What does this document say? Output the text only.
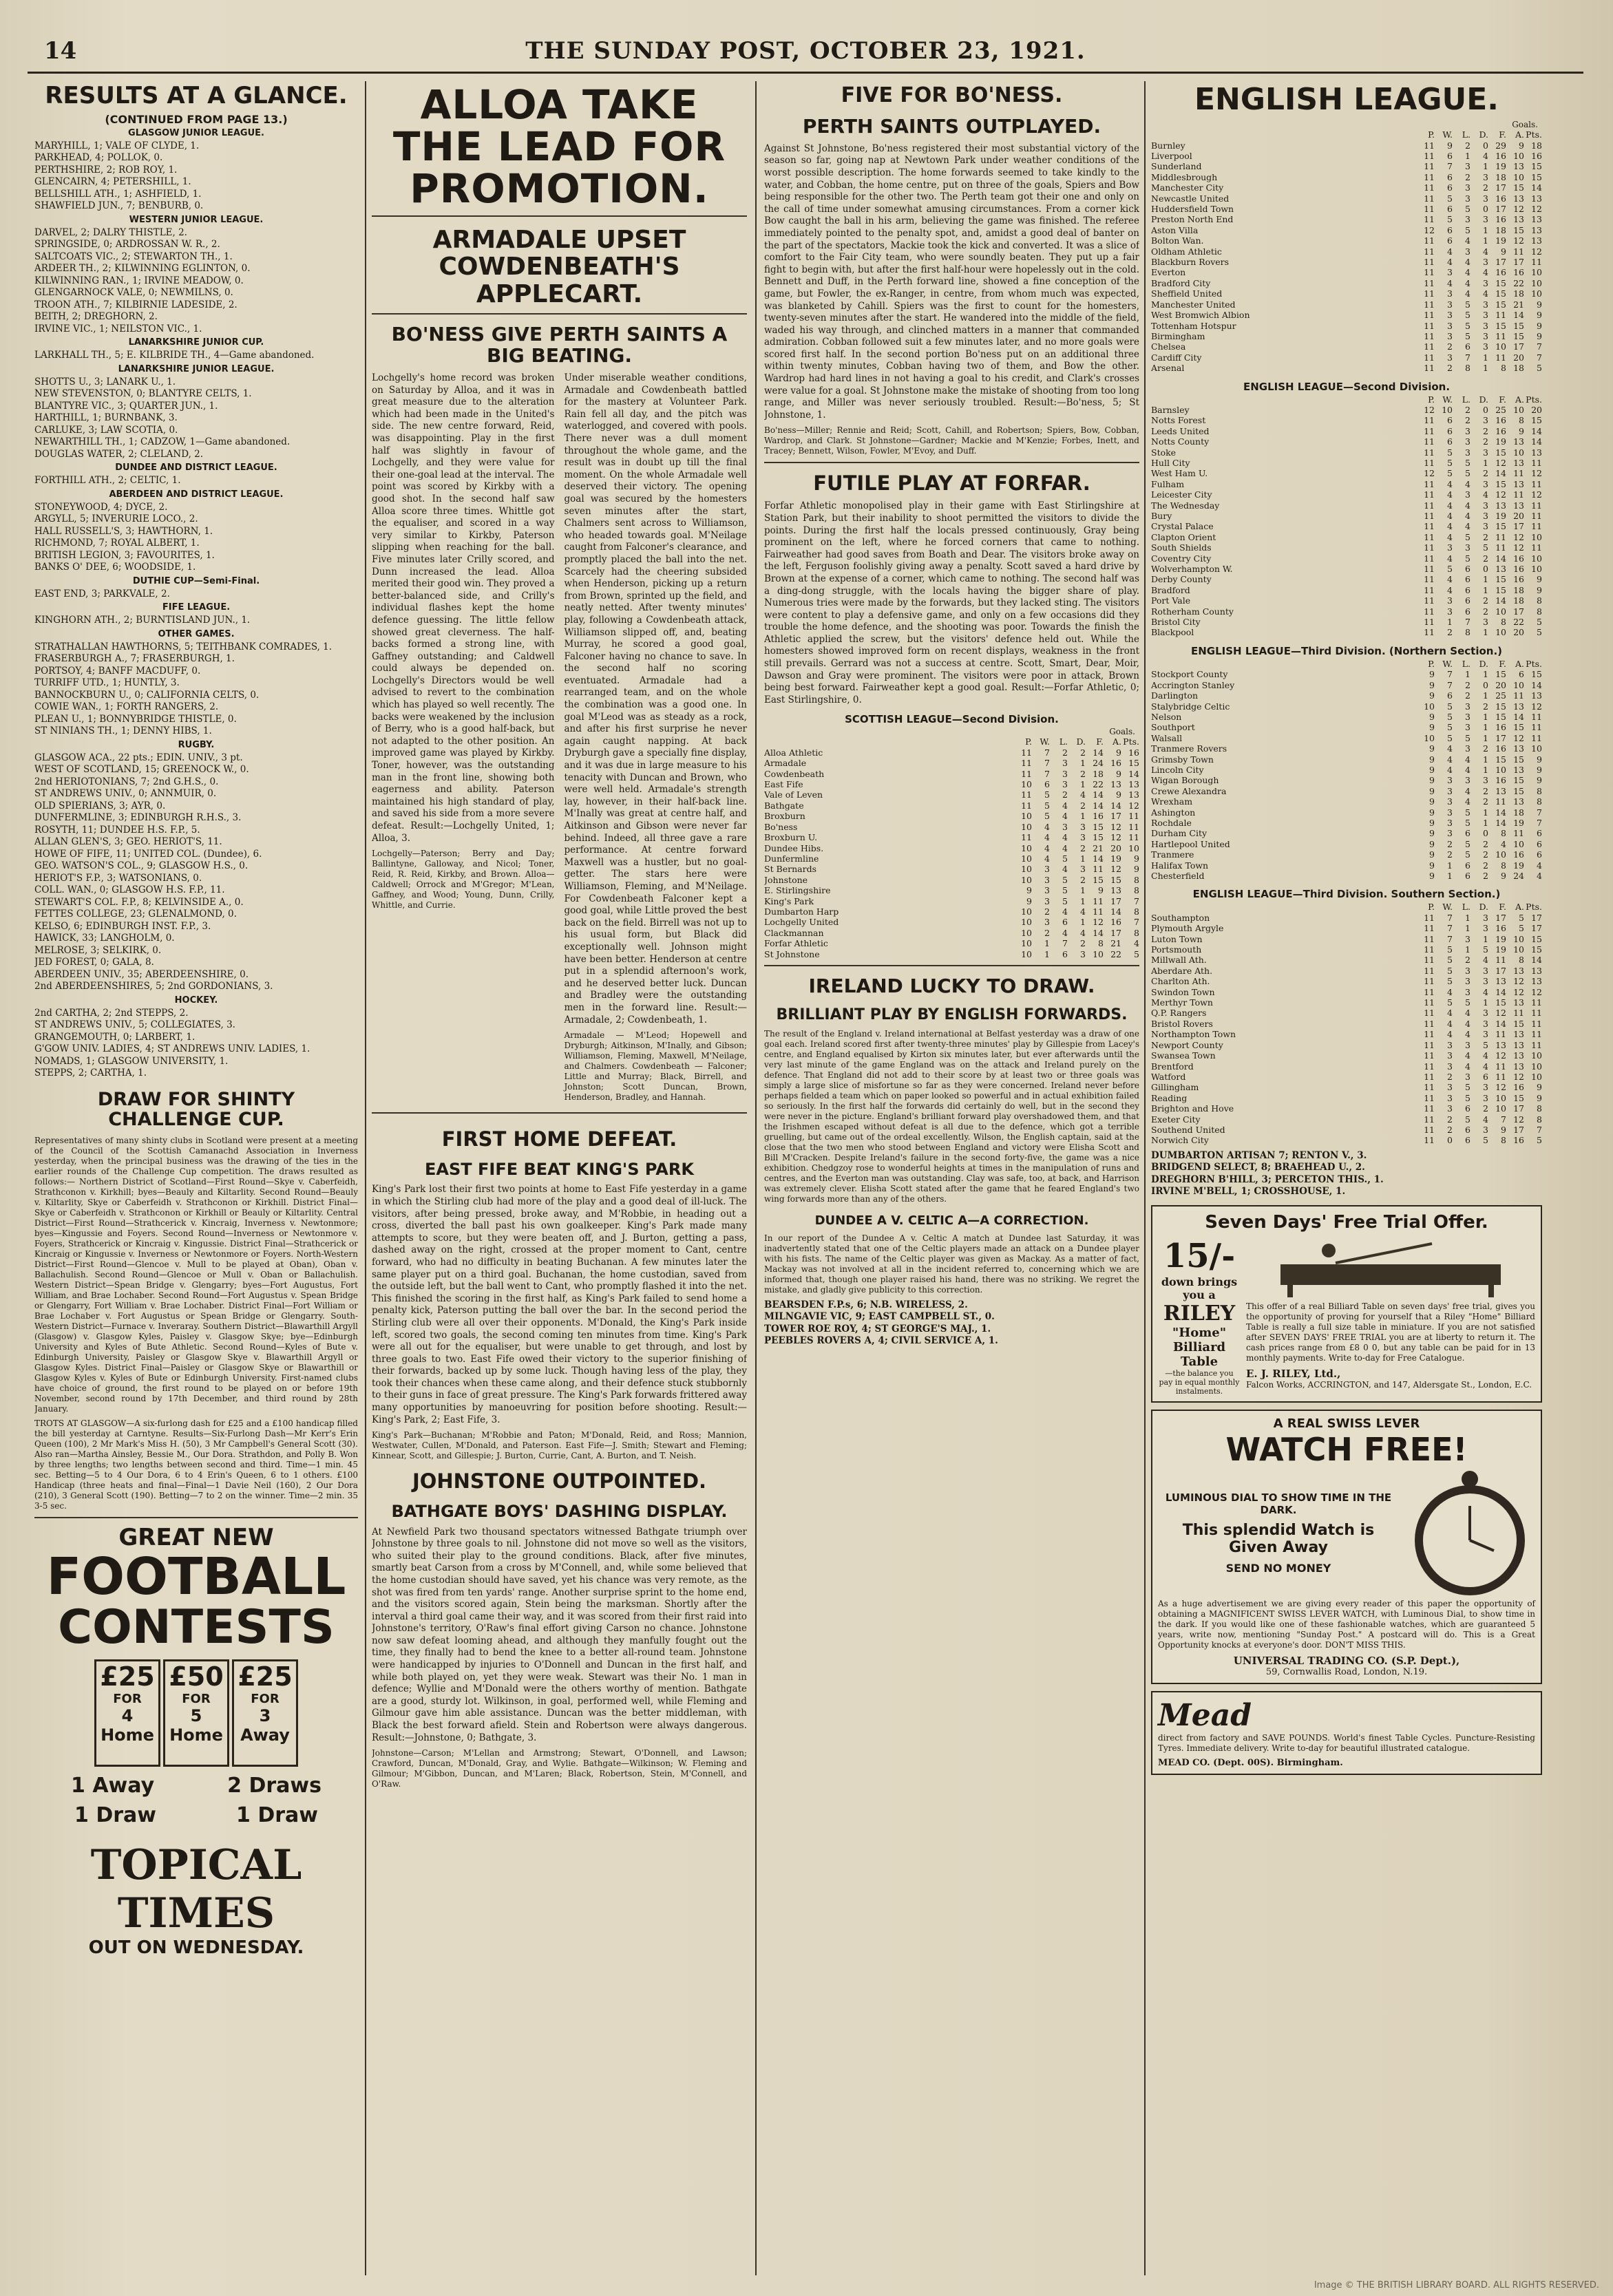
14	THE SUNDAY POST, OCTOBER 23, 1921.
RESULTS AT A GLANCE.
(CONTINUED FROM PAGE 13.)
GLASGOW JUNIOR LEAGUE.
MARYHILL, 1; VALE OF CLYDE, 1.
PARKHEAD, 4; POLLOK, 0.
PERTHSHIRE, 2; ROB ROY, 1.
GLENCAIRN, 4; PETERSHILL, 1.
BELLSHILL ATH., 1; ASHFIELD, 1.
SHAWFIELD JUN., 7; BENBURB, 0.
WESTERN JUNIOR LEAGUE.
DARVEL, 2; DALRY THISTLE, 2.
SPRINGSIDE, 0; ARDROSSAN W. R., 2.
SALTCOATS VIC., 2; STEWARTON TH., 1.
ARDEER TH., 2; KILWINNING EGLINTON, 0.
KILWINNING RAN., 1; IRVINE MEADOW, 0.
GLENGARNOCK VALE, 0; NEWMILNS, 0.
TROON ATH., 7; KILBIRNIE LADESIDE, 2.
BEITH, 2; DREGHORN, 2.
IRVINE VIC., 1; NEILSTON VIC., 1.
LANARKSHIRE JUNIOR CUP.
LARKHALL TH., 5; E. KILBRIDE TH., 4—Game abandoned.
LANARKSHIRE JUNIOR LEAGUE.
SHOTTS U., 3; LANARK U., 1.
NEW STEVENSTON, 0; BLANTYRE CELTS, 1.
BLANTYRE VIC., 3; QUARTER JUN., 1.
HARTHILL, 1; BURNBANK, 3.
CARLUKE, 3; LAW SCOTIA, 0.
NEWARTHILL TH., 1; CADZOW, 1—Game abandoned.
DOUGLAS WATER, 2; CLELAND, 2.
DUNDEE AND DISTRICT LEAGUE.
FORTHILL ATH., 2; CELTIC, 1.
ABERDEEN AND DISTRICT LEAGUE.
STONEYWOOD, 4; DYCE, 2.
ARGYLL, 5; INVERURIE LOCO., 2.
HALL RUSSELL'S, 3; HAWTHORN, 1.
RICHMOND, 7; ROYAL ALBERT, 1.
BRITISH LEGION, 3; FAVOURITES, 1.
BANKS O' DEE, 6; WOODSIDE, 1.
DUTHIE CUP—Semi-Final.
EAST END, 3; PARKVALE, 2.
FIFE LEAGUE.
KINGHORN ATH., 2; BURNTISLAND JUN., 1.
OTHER GAMES.
STRATHALLAN HAWTHORNS, 5; TEITHBANK COMRADES, 1.
FRASERBURGH A., 7; FRASERBURGH, 1.
PORTSOY, 4; BANFF MACDUFF, 0.
TURRIFF UTD., 1; HUNTLY, 3.
BANNOCKBURN U., 0; CALIFORNIA CELTS, 0.
COWIE WAN., 1; FORTH RANGERS, 2.
PLEAN U., 1; BONNYBRIDGE THISTLE, 0.
ST NINIANS TH., 1; DENNY HIBS, 1.
RUGBY.
GLASGOW ACA., 22 pts.; EDIN. UNIV., 3 pt.
WEST OF SCOTLAND, 15; GREENOCK W., 0.
2nd HERIOTONIANS, 7; 2nd G.H.S., 0.
ST ANDREWS UNIV., 0; ANNMUIR, 0.
OLD SPIERIANS, 3; AYR, 0.
DUNFERMLINE, 3; EDINBURGH R.H.S., 3.
ROSYTH, 11; DUNDEE H.S. F.P., 5.
ALLAN GLEN'S, 3; GEO. HERIOT'S, 11.
HOWE OF FIFE, 11; UNITED COL. (Dundee), 6.
GEO. WATSON'S COL., 9; GLASGOW H.S., 0.
HERIOT'S F.P., 3; WATSONIANS, 0.
COLL. WAN., 0; GLASGOW H.S. F.P., 11.
STEWART'S COL. F.P., 8; KELVINSIDE A., 0.
FETTES COLLEGE, 23; GLENALMOND, 0.
KELSO, 6; EDINBURGH INST. F.P., 3.
HAWICK, 33; LANGHOLM, 0.
MELROSE, 3; SELKIRK, 0.
JED FOREST, 0; GALA, 8.
ABERDEEN UNIV., 35; ABERDEENSHIRE, 0.
2nd ABERDEENSHIRES, 5; 2nd GORDONIANS, 3.
HOCKEY.
2nd CARTHA, 2; 2nd STEPPS, 2.
ST ANDREWS UNIV., 5; COLLEGIATES, 3.
GRANGEMOUTH, 0; LARBERT, 1.
G'GOW UNIV. LADIES, 4; ST ANDREWS UNIV. LADIES, 1.
NOMADS, 1; GLASGOW UNIVERSITY, 1.
STEPPS, 2; CARTHA, 1.
DRAW FOR SHINTY CHALLENGE CUP.

Representatives of many shinty clubs in Scotland were present at a meeting of the Council of the Scottish Camanachd Association in Inverness yesterday, when the principal business was the drawing of the ties in the earlier rounds of the Challenge Cup competition. The draws resulted as follows:— Northern District of Scotland—First Round—Skye v. Caberfeidh, Strathconon v. Kirkhill; byes—Beauly and Kiltarlity. Second Round—Beauly v. Kiltarlity, Skye or Caberfeidh v. Strathconon or Kirkhill. District Final—Skye or Caberfeidh v. Strathconon or Kirkhill or Beauly or Kiltarlity. Central District—First Round—Strathcerick v. Kincraig, Inverness v. Newtonmore; byes—Kingussie and Foyers. Second Round—Inverness or Newtonmore v. Foyers, Strathcerick or Kincraig v. Kingussie. District Final—Strathcerick or Kincraig or Kingussie v. Inverness or Newtonmore or Foyers. North-Western District—First Round—Glencoe v. Mull to be played at Oban), Oban v. Ballachulish. Second Round—Glencoe or Mull v. Oban or Ballachulish. Western District—Spean Bridge v. Glengarry; byes—Fort Augustus, Fort William, and Brae Lochaber. Second Round—Fort Augustus v. Spean Bridge or Glengarry, Fort William v. Brae Lochaber. District Final—Fort William or Brae Lochaber v. Fort Augustus or Spean Bridge or Glengarry. South-Western District—Furnace v. Inveraray. Southern District—Blawarthill Argyll (Glasgow) v. Glasgow Kyles, Paisley v. Glasgow Skye; bye—Edinburgh University and Kyles of Bute Athletic. Second Round—Kyles of Bute v. Edinburgh University, Paisley or Glasgow Skye v. Blawarthill Argyll or Glasgow Kyles. District Final—Paisley or Glasgow Skye or Blawarthill or Glasgow Kyles v. Kyles of Bute or Edinburgh University. First-named clubs have choice of ground, the first round to be played on or before 19th November, second round by 17th December, and third round by 28th January.

TROTS AT GLASGOW—A six-furlong dash for £25 and a £100 handicap filled the bill yesterday at Carntyne. Results—Six-Furlong Dash—Mr Kerr's Erin Queen (100), 2 Mr Mark's Miss H. (50), 3 Mr Campbell's General Scott (30). Also ran—Martha Ainsley, Bessie M., Our Dora. Strathdon, and Polly B. Won by three lengths; two lengths between second and third. Time—1 min. 45 sec. Betting—5 to 4 Our Dora, 6 to 4 Erin's Queen, 6 to 1 others. £100 Handicap (three heats and final—Final—1 Davie Neil (160), 2 Our Dora (210), 3 General Scott (190). Betting—7 to 2 on the winner. Time—2 min. 35 3-5 sec.

GREAT NEW
FOOTBALL
CONTESTS
£25
FOR
4 Home
£50
FOR
5 Home
£25
FOR
3 Away
1 Away	2 Draws
1 Draw	1 Draw
TOPICAL TIMES
OUT ON WEDNESDAY.
ALLOA TAKE THE LEAD FOR PROMOTION.
ARMADALE UPSET COWDENBEATH'S APPLECART.
BO'NESS GIVE PERTH SAINTS A BIG BEATING.

Lochgelly's home record was broken on Saturday by Alloa, and it was in great measure due to the alteration which had been made in the United's side. The new centre forward, Reid, was disappointing. Play in the first half was slightly in favour of Lochgelly, and they were value for their one-goal lead at the interval. The point was scored by Kirkby with a good shot. In the second half saw Alloa score three times. Whittle got the equaliser, and scored in a way very similar to Kirkby, Paterson slipping when reaching for the ball. Five minutes later Crilly scored, and Dunn increased the lead. Alloa merited their good win. They proved a better-balanced side, and Crilly's individual flashes kept the home defence guessing. The little fellow showed great cleverness. The half-backs formed a strong line, with Gaffney outstanding; and Caldwell could always be depended on. Lochgelly's Directors would be well advised to revert to the combination which has played so well recently. The backs were weakened by the inclusion of Berry, who is a good half-back, but not adapted to the other position. An improved game was played by Kirkby. Toner, however, was the outstanding man in the front line, showing both eagerness and ability. Paterson maintained his high standard of play, and saved his side from a more severe defeat. Result:—Lochgelly United, 1; Alloa, 3.

Lochgelly—Paterson; Berry and Day; Ballintyne, Galloway, and Nicol; Toner, Reid, R. Reid, Kirkby, and Brown. Alloa—Caldwell; Orrock and M'Gregor; M'Lean, Gaffney, and Wood; Young, Dunn, Crilly, Whittle, and Currie.

Under miserable weather conditions, Armadale and Cowdenbeath battled for the mastery at Volunteer Park. Rain fell all day, and the pitch was waterlogged, and covered with pools. There never was a dull moment throughout the whole game, and the result was in doubt up till the final moment. On the whole Armadale well deserved their victory. The opening goal was secured by the homesters seven minutes after the start, Chalmers sent across to Williamson, who headed towards goal. M'Neilage caught from Falconer's clearance, and promptly placed the ball into the net. Scarcely had the cheering subsided when Henderson, picking up a return from Brown, sprinted up the field, and neatly netted. After twenty minutes' play, following a Cowdenbeath attack, Williamson slipped off, and, beating Murray, he scored a good goal, Falconer having no chance to save. In the second half no scoring eventuated. Armadale had a rearranged team, and on the whole the combination was a good one. In goal M'Leod was as steady as a rock, and after his first surprise he never again caught napping. At back Dryburgh gave a specially fine display, and it was due in large measure to his tenacity with Duncan and Brown, who were well held. Armadale's strength lay, however, in their half-back line. M'Inally was great at centre half, and Aitkinson and Gibson were never far behind. Indeed, all three gave a rare performance. At centre forward Maxwell was a hustler, but no goal-getter. The stars here were Williamson, Fleming, and M'Neilage. For Cowdenbeath Falconer kept a good goal, while Little proved the best back on the field. Birrell was not up to his usual form, but Black did exceptionally well. Johnson might have been better. Henderson at centre put in a splendid afternoon's work, and he deserved better luck. Duncan and Bradley were the outstanding men in the forward line. Result:—Armadale, 2; Cowdenbeath, 1.

Armadale — M'Leod; Hopewell and Dryburgh; Aitkinson, M'Inally, and Gibson; Williamson, Fleming, Maxwell, M'Neilage, and Chalmers. Cowdenbeath — Falconer; Little and Murray; Black, Birrell, and Johnston; Scott Duncan, Brown, Henderson, Bradley, and Hannah.

FIRST HOME DEFEAT.
EAST FIFE BEAT KING'S PARK

King's Park lost their first two points at home to East Fife yesterday in a game in which the Stirling club had more of the play and a good deal of ill-luck. The visitors, after being pressed, broke away, and M'Robbie, in heading out a cross, diverted the ball past his own goalkeeper. King's Park made many attempts to score, but they were beaten off, and J. Burton, getting a pass, dashed away on the right, crossed at the proper moment to Cant, centre forward, who had no difficulty in beating Buchanan. A few minutes later the same player put on a third goal. Buchanan, the home custodian, saved from the outside left, but the ball went to Cant, who promptly flashed it into the net. This finished the scoring in the first half, as King's Park failed to send home a penalty kick, Paterson putting the ball over the bar. In the second period the Stirling club were all over their opponents. M'Donald, the King's Park inside left, scored two goals, the second coming ten minutes from time. King's Park were all out for the equaliser, but were unable to get through, and lost by three goals to two. East Fife owed their victory to the superior finishing of their forwards, backed up by some luck. Though having less of the play, they took their chances when these came along, and their defence stuck stubbornly to their guns in face of great pressure. The King's Park forwards frittered away many opportunities by manoeuvring for position before shooting. Result:—King's Park, 2; East Fife, 3.

King's Park—Buchanan; M'Robbie and Paton; M'Donald, Reid, and Ross; Mannion, Westwater, Cullen, M'Donald, and Paterson. East Fife—J. Smith; Stewart and Fleming; Kinnear, Scott, and Gillespie; J. Burton, Currie, Cant, A. Burton, and T. Neish.

JOHNSTONE OUTPOINTED.
BATHGATE BOYS' DASHING DISPLAY.

At Newfield Park two thousand spectators witnessed Bathgate triumph over Johnstone by three goals to nil. Johnstone did not move so well as the visitors, who suited their play to the ground conditions. Black, after five minutes, smartly beat Carson from a cross by M'Connell, and, while some believed that the home custodian should have saved, yet his chance was very remote, as the shot was fired from ten yards' range. Another surprise sprint to the home end, and the visitors scored again, Stein being the marksman. Shortly after the interval a third goal came their way, and it was scored from their first raid into Johnstone's territory, O'Raw's final effort giving Carson no chance. Johnstone now saw defeat looming ahead, and although they manfully fought out the time, they finally had to bend the knee to a better all-round team. Johnstone were handicapped by injuries to O'Donnell and Duncan in the first half, and while both played on, yet they were weak. Stewart was their No. 1 man in defence; Wyllie and M'Donald were the others worthy of mention. Bathgate are a good, sturdy lot. Wilkinson, in goal, performed well, while Fleming and Gilmour gave him able assistance. Duncan was the better middleman, with Black the best forward afield. Stein and Robertson were always dangerous. Result:—Johnstone, 0; Bathgate, 3.

Johnstone—Carson; M'Lellan and Armstrong; Stewart, O'Donnell, and Lawson; Crawford, Duncan, M'Donald, Gray, and Wylie. Bathgate—Wilkinson; W. Fleming and Gilmour; M'Gibbon, Duncan, and M'Laren; Black, Robertson, Stein, M'Connell, and O'Raw.

FIVE FOR BO'NESS.
PERTH SAINTS OUTPLAYED.

Against St Johnstone, Bo'ness registered their most substantial victory of the season so far, going nap at Newtown Park under weather conditions of the worst possible description. The home forwards seemed to take kindly to the water, and Cobban, the home centre, put on three of the goals, Spiers and Bow being responsible for the other two. The Perth team got their one and only on the call of time under somewhat amusing circumstances. From a corner kick Bow caught the ball in his arm, believing the game was finished. The referee immediately pointed to the penalty spot, and, amidst a good deal of banter on the part of the spectators, Mackie took the kick and converted. It was a slice of comfort to the Fair City team, who were soundly beaten. They put up a fair fight to begin with, but after the first half-hour were hopelessly out in the cold. Bennett and Duff, in the Perth forward line, showed a fine conception of the game, but Fowler, the ex-Ranger, in centre, from whom much was expected, was blanketed by Cahill. Spiers was the first to count for the homesters, twenty-seven minutes after the start. He wandered into the middle of the field, waded his way through, and clinched matters in a manner that commanded admiration. Cobban followed suit a few minutes later, and no more goals were scored first half. In the second portion Bo'ness put on an additional three within twenty minutes, Cobban having two of them, and Bow the other. Wardrop had hard lines in not having a goal to his credit, and Clark's crosses were value for a goal. St Johnstone make the mistake of shooting from too long range, and Miller was never seriously troubled. Result:—Bo'ness, 5; St Johnstone, 1.

Bo'ness—Miller; Rennie and Reid; Scott, Cahill, and Robertson; Spiers, Bow, Cobban, Wardrop, and Clark. St Johnstone—Gardner; Mackie and M'Kenzie; Forbes, Inett, and Tracey; Bennett, Wilson, Fowler, M'Evoy, and Duff.

FUTILE PLAY AT FORFAR.

Forfar Athletic monopolised play in their game with East Stirlingshire at Station Park, but their inability to shoot permitted the visitors to divide the points. During the first half the locals pressed continuously, Gray being prominent on the left, where he forced corners that came to nothing. Fairweather had good saves from Boath and Dear. The visitors broke away on the left, Ferguson foolishly giving away a penalty. Scott saved a hard drive by Brown at the expense of a corner, which came to nothing. The second half was a ding-dong struggle, with the locals having the bigger share of play. Numerous tries were made by the forwards, but they lacked sting. The visitors were content to play a defensive game, and only on a few occasions did they trouble the home defence, and the shooting was poor. Towards the finish the Athletic applied the screw, but the visitors' defence held out. While the homesters showed improved form on recent displays, weakness in the front still prevails. Gerrard was not a success at centre. Scott, Smart, Dear, Moir, Dawson and Gray were prominent. The visitors were poor in attack, Brown being best forward. Fairweather kept a good goal. Result:—Forfar Athletic, 0; East Stirlingshire, 0.

SCOTTISH LEAGUE—Second Division.
Goals.
	P.	W.	L.	D.	F.	A.	Pts.
Alloa Athletic	11	7	2	2	14	9	16
Armadale	11	7	3	1	24	16	15
Cowdenbeath	11	7	3	2	18	9	14
East Fife	10	6	3	1	22	13	13
Vale of Leven	11	5	2	4	14	9	13
Bathgate	11	5	4	2	14	14	12
Broxburn	10	5	4	1	16	17	11
Bo'ness	10	4	3	3	15	12	11
Broxburn U.	11	4	4	3	15	12	11
Dundee Hibs.	10	4	4	2	21	20	10
Dunfermline	10	4	5	1	14	19	9
St Bernards	10	3	4	3	11	12	9
Johnstone	10	3	5	2	15	15	8
E. Stirlingshire	9	3	5	1	9	13	8
King's Park	9	3	5	1	11	17	7
Dumbarton Harp	10	2	4	4	11	14	8
Lochgelly United	10	3	6	1	12	16	7
Clackmannan	10	2	4	4	14	17	8
Forfar Athletic	10	1	7	2	8	21	4
St Johnstone	10	1	6	3	10	22	5
IRELAND LUCKY TO DRAW.
BRILLIANT PLAY BY ENGLISH FORWARDS.

The result of the England v. Ireland international at Belfast yesterday was a draw of one goal each. Ireland scored first after twenty-three minutes' play by Gillespie from Lacey's centre, and England equalised by Kirton six minutes later, but ever afterwards until the very last minute of the game England was on the attack and Ireland purely on the defence. That England did not add to their score by at least two or three goals was simply a large slice of misfortune so far as they were concerned. Ireland never before perhaps fielded a team which on paper looked so powerful and in actual exhibition failed so seriously. In the first half the forwards did certainly do well, but in the second they were never in the picture. England's brilliant forward play overshadowed them, and that the Irishmen escaped without defeat is all due to the defence, which got a terrible gruelling, but came out of the ordeal excellently. Wilson, the English captain, said at the close that the two men who stood between England and victory were Elisha Scott and Bill M'Cracken. Despite Ireland's failure in the second forty-five, the game was a nice exhibition. Chedgzoy rose to wonderful heights at times in the manipulation of runs and centres, and the Everton man was outstanding. Clay was safe, too, at back, and Harrison was extremely clever. Elisha Scott stated after the game that he feared England's two wing forwards more than any of the others.

DUNDEE A V. CELTIC A—A CORRECTION.

In our report of the Dundee A v. Celtic A match at Dundee last Saturday, it was inadvertently stated that one of the Celtic players made an attack on a Dundee player with his fists. The name of the Celtic player was given as Mackay. As a matter of fact, Mackay was not involved at all in the incident referred to, concerning which we are informed that, though one player raised his hand, there was no striking. We regret the mistake, and gladly give publicity to this correction.

BEARSDEN F.P.s, 6; N.B. WIRELESS, 2.
MILNGAVIE VIC, 9; EAST CAMPBELL ST., 0.
TOWER ROE ROY, 4; ST GEORGE'S MAJ., 1.
PEEBLES ROVERS A, 4; CIVIL SERVICE A, 1.
ENGLISH LEAGUE.
Goals.
	P.	W.	L.	D.	F.	A.	Pts.
Burnley	11	9	2	0	29	9	18
Liverpool	11	6	1	4	16	10	16
Sunderland	11	7	3	1	19	13	15
Middlesbrough	11	6	2	3	18	10	15
Manchester City	11	6	3	2	17	15	14
Newcastle United	11	5	3	3	16	13	13
Huddersfield Town	11	6	5	0	17	12	12
Preston North End	11	5	3	3	16	13	13
Aston Villa	12	6	5	1	18	15	13
Bolton Wan.	11	6	4	1	19	12	13
Oldham Athletic	11	4	3	4	9	11	12
Blackburn Rovers	11	4	4	3	17	17	11
Everton	11	3	4	4	16	16	10
Bradford City	11	4	4	3	15	22	10
Sheffield United	11	3	4	4	15	18	10
Manchester United	11	3	5	3	15	21	9
West Bromwich Albion	11	3	5	3	11	14	9
Tottenham Hotspur	11	3	5	3	15	15	9
Birmingham	11	3	5	3	11	15	9
Chelsea	11	2	6	3	10	17	7
Cardiff City	11	3	7	1	11	20	7
Arsenal	11	2	8	1	8	18	5
ENGLISH LEAGUE—Second Division.
	P.	W.	L.	D.	F.	A.	Pts.
Barnsley	12	10	2	0	25	10	20
Notts Forest	11	6	2	3	16	8	15
Leeds United	11	6	3	2	16	9	14
Notts County	11	6	3	2	19	13	14
Stoke	11	5	3	3	15	10	13
Hull City	11	5	5	1	12	13	11
West Ham U.	12	5	5	2	14	11	12
Fulham	11	4	4	3	15	13	11
Leicester City	11	4	3	4	12	11	12
The Wednesday	11	4	4	3	13	13	11
Bury	11	4	4	3	19	20	11
Crystal Palace	11	4	4	3	15	17	11
Clapton Orient	11	4	5	2	11	12	10
South Shields	11	3	3	5	11	12	11
Coventry City	11	4	5	2	14	16	10
Wolverhampton W.	11	5	6	0	13	16	10
Derby County	11	4	6	1	15	16	9
Bradford	11	4	6	1	15	18	9
Port Vale	11	3	6	2	14	18	8
Rotherham County	11	3	6	2	10	17	8
Bristol City	11	1	7	3	8	22	5
Blackpool	11	2	8	1	10	20	5
ENGLISH LEAGUE—Third Division. (Northern Section.)
	P.	W.	L.	D.	F.	A.	Pts.
Stockport County	9	7	1	1	15	6	15
Accrington Stanley	9	7	2	0	20	10	14
Darlington	9	6	2	1	25	11	13
Stalybridge Celtic	10	5	3	2	15	13	12
Nelson	9	5	3	1	15	14	11
Southport	9	5	3	1	16	15	11
Walsall	10	5	5	1	17	12	11
Tranmere Rovers	9	4	3	2	16	13	10
Grimsby Town	9	4	4	1	15	15	9
Lincoln City	9	4	4	1	10	13	9
Wigan Borough	9	3	3	3	16	15	9
Crewe Alexandra	9	3	4	2	13	15	8
Wrexham	9	3	4	2	11	13	8
Ashington	9	3	5	1	14	18	7
Rochdale	9	3	5	1	14	19	7
Durham City	9	3	6	0	8	11	6
Hartlepool United	9	2	5	2	4	10	6
Tranmere	9	2	5	2	10	16	6
Halifax Town	9	1	6	2	8	19	4
Chesterfield	9	1	6	2	9	24	4
ENGLISH LEAGUE—Third Division. Southern Section.)
	P.	W.	L.	D.	F.	A.	Pts.
Southampton	11	7	1	3	17	5	17
Plymouth Argyle	11	7	1	3	16	5	17
Luton Town	11	7	3	1	19	10	15
Portsmouth	11	5	1	5	19	10	15
Millwall Ath.	11	5	2	4	11	8	14
Aberdare Ath.	11	5	3	3	17	13	13
Charlton Ath.	11	5	3	3	13	12	13
Swindon Town	11	4	3	4	14	12	12
Merthyr Town	11	5	5	1	15	13	11
Q.P. Rangers	11	4	4	3	12	11	11
Bristol Rovers	11	4	4	3	14	15	11
Northampton Town	11	4	4	3	11	13	11
Newport County	11	3	3	5	13	13	11
Swansea Town	11	3	4	4	12	13	10
Brentford	11	3	4	4	11	13	10
Watford	11	2	3	6	11	12	10
Gillingham	11	3	5	3	12	16	9
Reading	11	3	5	3	10	15	9
Brighton and Hove	11	3	6	2	10	17	8
Exeter City	11	2	5	4	7	12	8
Southend United	11	2	6	3	9	17	7
Norwich City	11	0	6	5	8	16	5
DUMBARTON ARTISAN 7; RENTON V., 3.
BRIDGEND SELECT, 8; BRAEHEAD U., 2.
DREGHORN B'HILL, 3; PERCETON THIS., 1.
IRVINE M'BELL, 1; CROSSHOUSE, 1.
Seven Days' Free Trial Offer.
15/-
down brings you a
RILEY
"Home"
Billiard Table
—the balance you pay in equal monthly instalments.

This offer of a real Billiard Table on seven days' free trial, gives you the opportunity of proving for yourself that a Riley "Home" Billiard Table is really a full size table in miniature. If you are not satisfied after SEVEN DAYS' FREE TRIAL you are at liberty to return it. The cash prices range from £8 0 0, but any table can be paid for in 13 monthly payments. Write to-day for Free Catalogue.

E. J. RILEY, Ltd.,
Falcon Works, ACCRINGTON, and 147, Aldersgate St., London, E.C.
A REAL SWISS LEVER
WATCH FREE!
LUMINOUS DIAL TO SHOW TIME IN THE DARK.
This splendid Watch is Given Away
SEND NO MONEY

As a huge advertisement we are giving every reader of this paper the opportunity of obtaining a MAGNIFICENT SWISS LEVER WATCH, with Luminous Dial, to show time in the dark. If you would like one of these fashionable watches, which are guaranteed 5 years, write now, mentioning "Sunday Post." A postcard will do. This is a Great Opportunity knocks at everyone's door. DON'T MISS THIS.

UNIVERSAL TRADING CO. (S.P. Dept.),
59, Cornwallis Road, London, N.19.
Mead

direct from factory and SAVE POUNDS. World's finest Table Cycles. Puncture-Resisting Tyres. Immediate delivery. Write to-day for beautiful illustrated catalogue.

MEAD CO. (Dept. 00S). Birmingham.
Image © THE BRITISH LIBRARY BOARD. ALL RIGHTS RESERVED.
